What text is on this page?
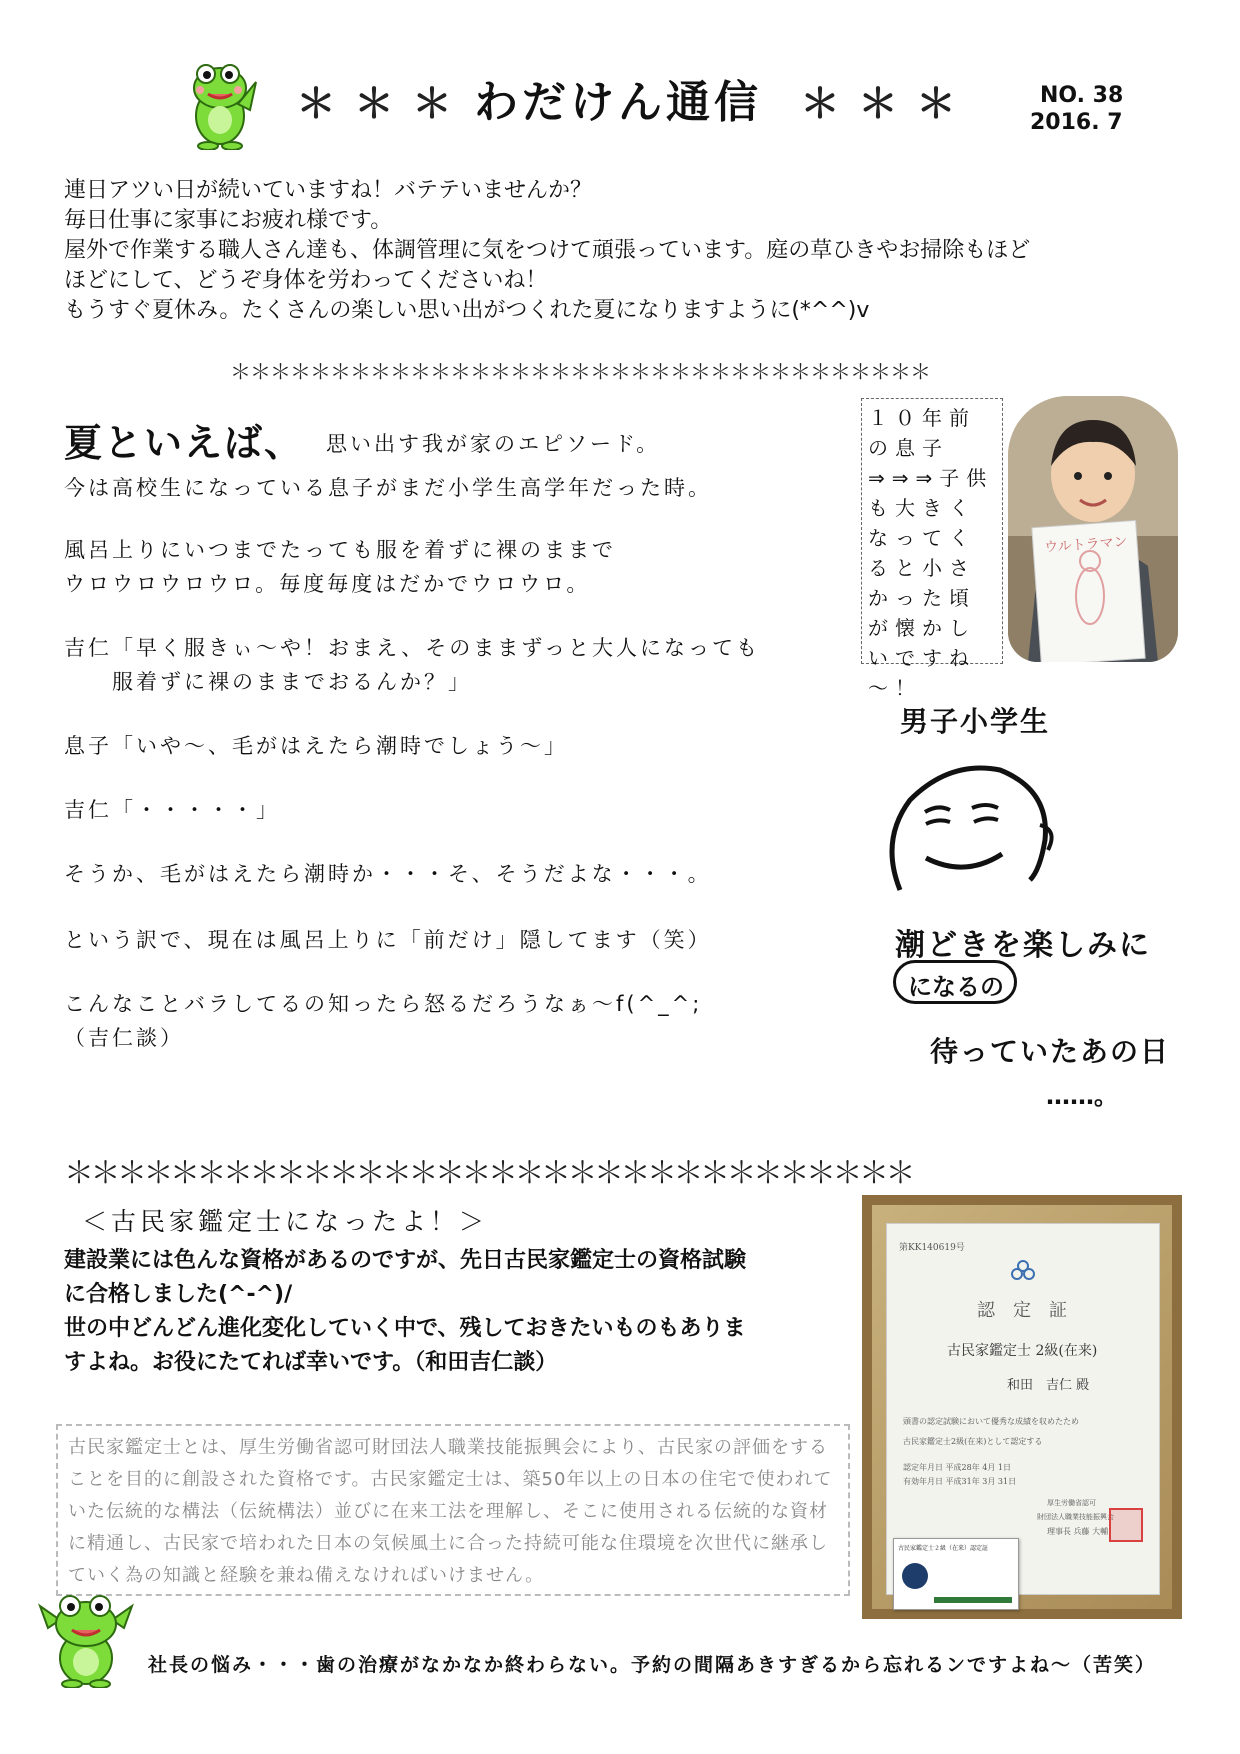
＊＊＊ わだけん通信 ＊＊＊	NO. 38
2016. 7

連日アツい日が続いていますね！バテテいませんか？

毎日仕事に家事にお疲れ様です。

屋外で作業する職人さん達も、体調管理に気をつけて頑張っています。庭の草ひきやお掃除もほど

ほどにして、どうぞ身体を労わってくださいね！

もうすぐ夏休み。たくさんの楽しい思い出がつくれた夏になりますように(*^^)v

＊＊＊＊＊＊＊＊＊＊＊＊＊＊＊＊＊＊＊＊＊＊＊＊＊＊＊＊＊＊＊＊＊＊＊
夏といえば、 思い出す我が家のエピソード。
今は高校生になっている息子がまだ小学生高学年だった時。
風呂上りにいつまでたっても服を着ずに裸のままで
ウロウロウロウロ。毎度毎度はだかでウロウロ。
吉仁「早く服きぃ～や！おまえ、そのままずっと大人になっても
　　服着ずに裸のままでおるんか？」
息子「いや～、毛がはえたら潮時でしょう～」
吉仁「・・・・・」
そうか、毛がはえたら潮時か・・・そ、そうだよな・・・。
という訳で、現在は風呂上りに「前だけ」隠してます（笑）
こんなことバラしてるの知ったら怒るだろうなぁ～f(^_^;
（吉仁談）
１０年前の息子⇒⇒⇒子供も大きくなってくると小さかった頃が懐かしいですね～！
ウルトラマン
男子小学生
潮どきを楽しみに
になるの
待っていたあの日
……。
＊＊＊＊＊＊＊＊＊＊＊＊＊＊＊＊＊＊＊＊＊＊＊＊＊＊＊＊＊＊＊＊
＜古民家鑑定士になったよ！＞
建設業には色んな資格があるのですが、先日古民家鑑定士の資格試験
に合格しました(^-^)/
世の中どんどん進化変化していく中で、残しておきたいものもありま
すよね。お役にたてれば幸いです。（和田吉仁談）
古民家鑑定士とは、厚生労働省認可財団法人職業技能振興会により、古民家の評価をすることを目的に創設された資格です。古民家鑑定士は、築50年以上の日本の住宅で使われていた伝統的な構法（伝統構法）並びに在来工法を理解し、そこに使用される伝統的な資材に精通し、古民家で培われた日本の気候風土に合った持続可能な住環境を次世代に継承していく為の知識と経験を兼ね備えなければいけません。
第KK140619号
認　定　証
古民家鑑定士 2級(在来)
和田　吉仁 殿
頭書の認定試験において優秀な成績を収めたため
古民家鑑定士2級(在来)として認定する
認定年月日 平成28年 4月 1日
有効年月日 平成31年 3月 31日
厚生労働省認可
財団法人職業技能振興会
理事長 兵藤 大輔
古民家鑑定士２級（在来）認定証
社長の悩み・・・歯の治療がなかなか終わらない。予約の間隔あきすぎるから忘れるンですよね～（苦笑）
